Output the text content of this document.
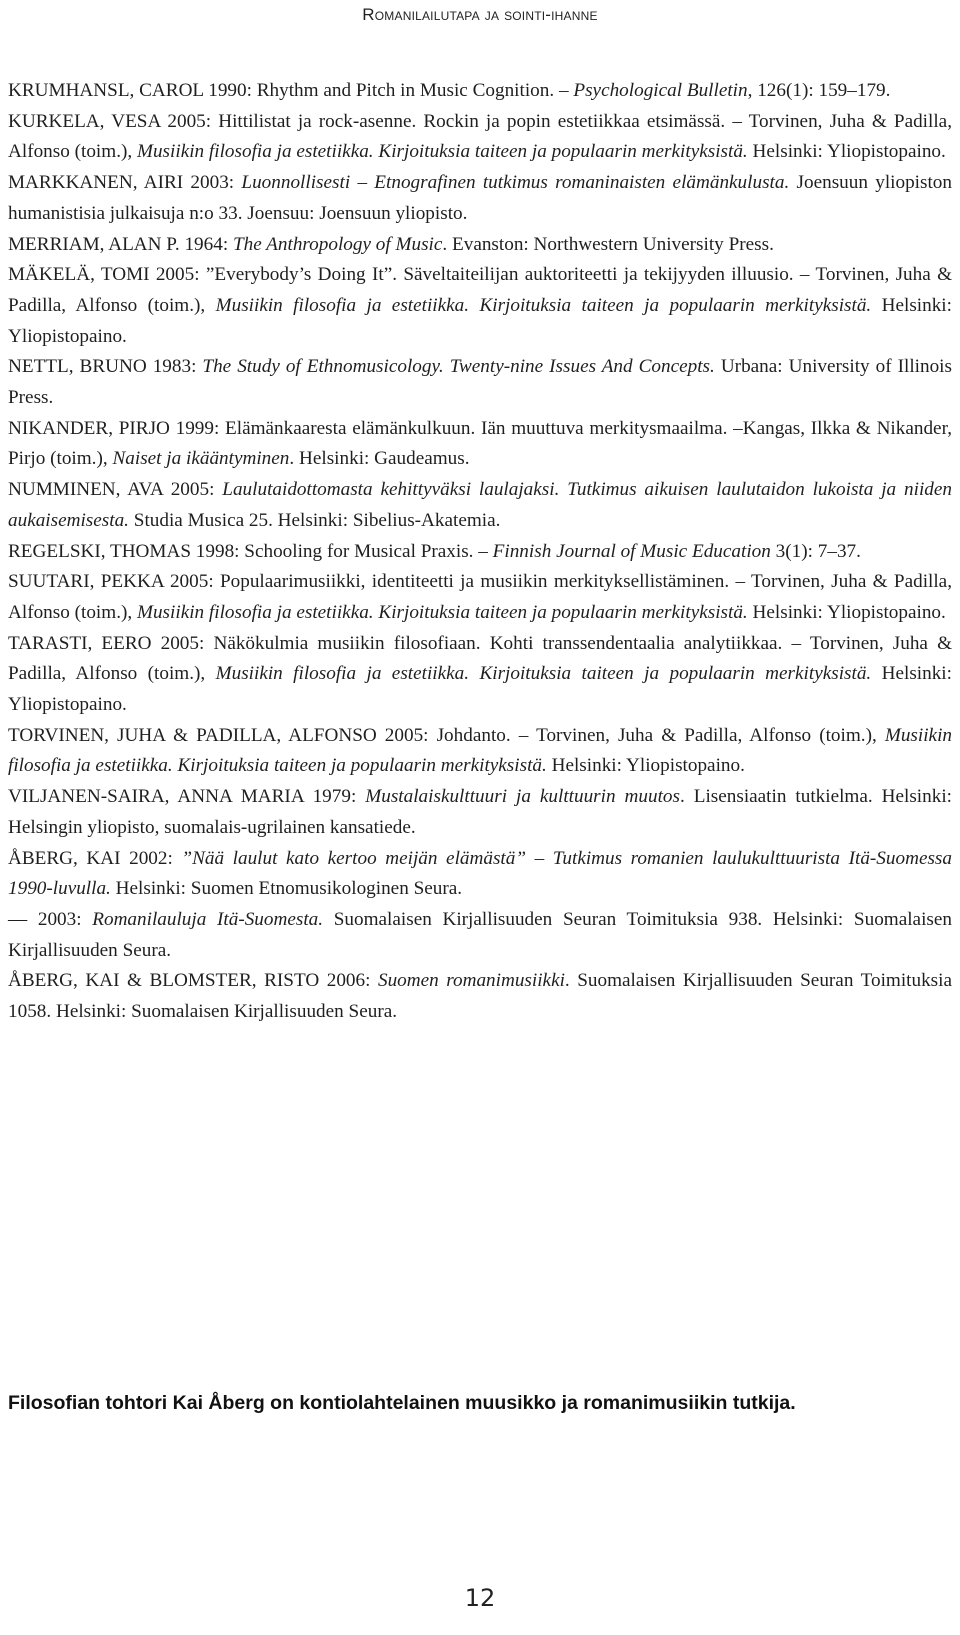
Romanilailutapa ja sointi-ihanne

KRUMHANSL, CAROL 1990: Rhythm and Pitch in Music Cognition. – Psychological Bulletin, 126(1): 159–179.

KURKELA, VESA 2005: Hittilistat ja rock-asenne. Rockin ja popin estetiikkaa etsimässä. – Torvinen, Juha & Padilla, Alfonso (toim.), Musiikin filosofia ja estetiikka. Kirjoituksia taiteen ja populaarin merkityksistä. Helsinki: Yliopistopaino.

MARKKANEN, AIRI 2003: Luonnollisesti – Etnografinen tutkimus romaninaisten elämänkulusta. Joensuun yliopiston humanistisia julkaisuja n:o 33. Joensuu: Joensuun yliopisto.

MERRIAM, ALAN P. 1964: The Anthropology of Music. Evanston: Northwestern University Press.

MÄKELÄ, TOMI 2005: ”Everybody’s Doing It”. Säveltaiteilijan auktoriteetti ja tekijyyden illuusio. – Torvinen, Juha & Padilla, Alfonso (toim.), Musiikin filosofia ja estetiikka. Kirjoituksia taiteen ja populaarin merkityksistä. Helsinki: Yliopistopaino.

NETTL, BRUNO 1983: The Study of Ethnomusicology. Twenty-nine Issues And Concepts. Urbana: University of Illinois Press.

NIKANDER, PIRJO 1999: Elämänkaaresta elämänkulkuun. Iän muuttuva merkitysmaailma. –Kangas, Ilkka & Nikander, Pirjo (toim.), Naiset ja ikääntyminen. Helsinki: Gaudeamus.

NUMMINEN, AVA 2005: Laulutaidottomasta kehittyväksi laulajaksi. Tutkimus aikuisen laulutaidon lukoista ja niiden aukaisemisesta. Studia Musica 25. Helsinki: Sibelius-Akatemia.

REGELSKI, THOMAS 1998: Schooling for Musical Praxis. – Finnish Journal of Music Education 3(1): 7–37.

SUUTARI, PEKKA 2005: Populaarimusiikki, identiteetti ja musiikin merkityksellistäminen. – Torvinen, Juha & Padilla, Alfonso (toim.), Musiikin filosofia ja estetiikka. Kirjoituksia taiteen ja populaarin merkityksistä. Helsinki: Yliopistopaino.

TARASTI, EERO 2005: Näkökulmia musiikin filosofiaan. Kohti transsendentaalia analytiikkaa. – Torvinen, Juha & Padilla, Alfonso (toim.), Musiikin filosofia ja estetiikka. Kirjoituksia taiteen ja populaarin merkityksistä. Helsinki: Yliopistopaino.

TORVINEN, JUHA & PADILLA, ALFONSO 2005: Johdanto. – Torvinen, Juha & Padilla, Alfonso (toim.), Musiikin filosofia ja estetiikka. Kirjoituksia taiteen ja populaarin merkityksistä. Helsinki: Yliopistopaino.

VILJANEN-SAIRA, ANNA MARIA 1979: Mustalaiskulttuuri ja kulttuurin muutos. Lisensiaatin tutkielma. Helsinki: Helsingin yliopisto, suomalais-ugrilainen kansatiede.

ÅBERG, KAI 2002: ”Nää laulut kato kertoo meijän elämästä” – Tutkimus romanien laulukulttuurista Itä-Suomessa 1990-luvulla. Helsinki: Suomen Etnomusikologinen Seura.

— 2003: Romanilauluja Itä-Suomesta. Suomalaisen Kirjallisuuden Seuran Toimituksia 938. Helsinki: Suomalaisen Kirjallisuuden Seura.

ÅBERG, KAI & BLOMSTER, RISTO 2006: Suomen romanimusiikki. Suomalaisen Kirjallisuuden Seuran Toimituksia 1058. Helsinki: Suomalaisen Kirjallisuuden Seura.

Filosofian tohtori Kai Åberg on kontiolahtelainen muusikko ja romanimusiikin tutkija.

12
